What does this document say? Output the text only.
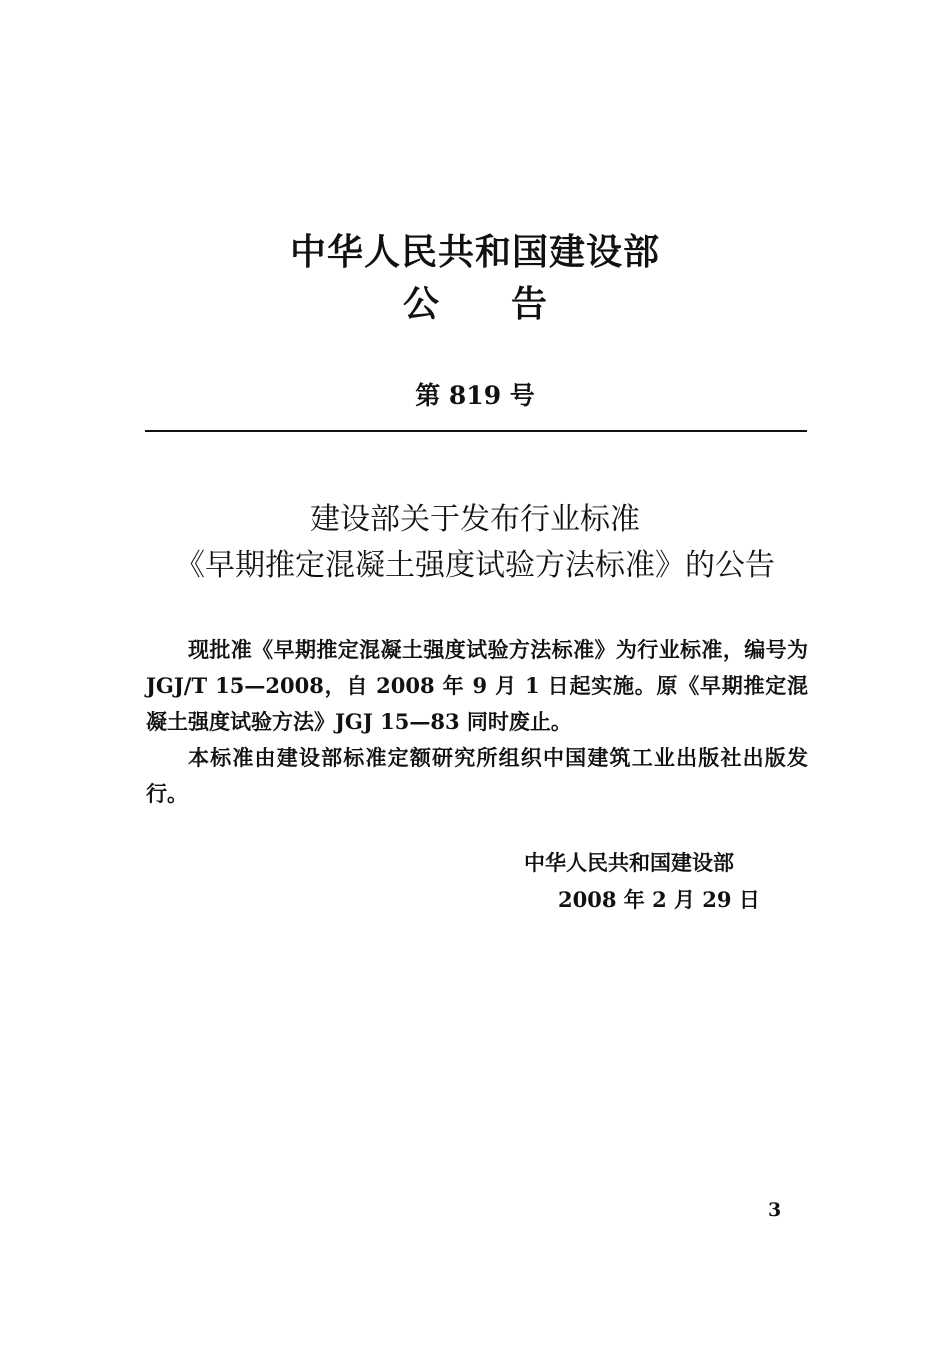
中华人民共和国建设部
公 告
第 819 号
建设部关于发布行业标准
《早期推定混凝土强度试验方法标准》的公告

现批准《早期推定混凝土强度试验方法标准》为行业标准，编号为 JGJ/T 15—2008，自 2008 年 9 月 1 日起实施。原《早期推定混凝土强度试验方法》JGJ 15—83 同时废止。

本标准由建设部标准定额研究所组织中国建筑工业出版社出版发行。

中华人民共和国建设部
2008 年 2 月 29 日
3
